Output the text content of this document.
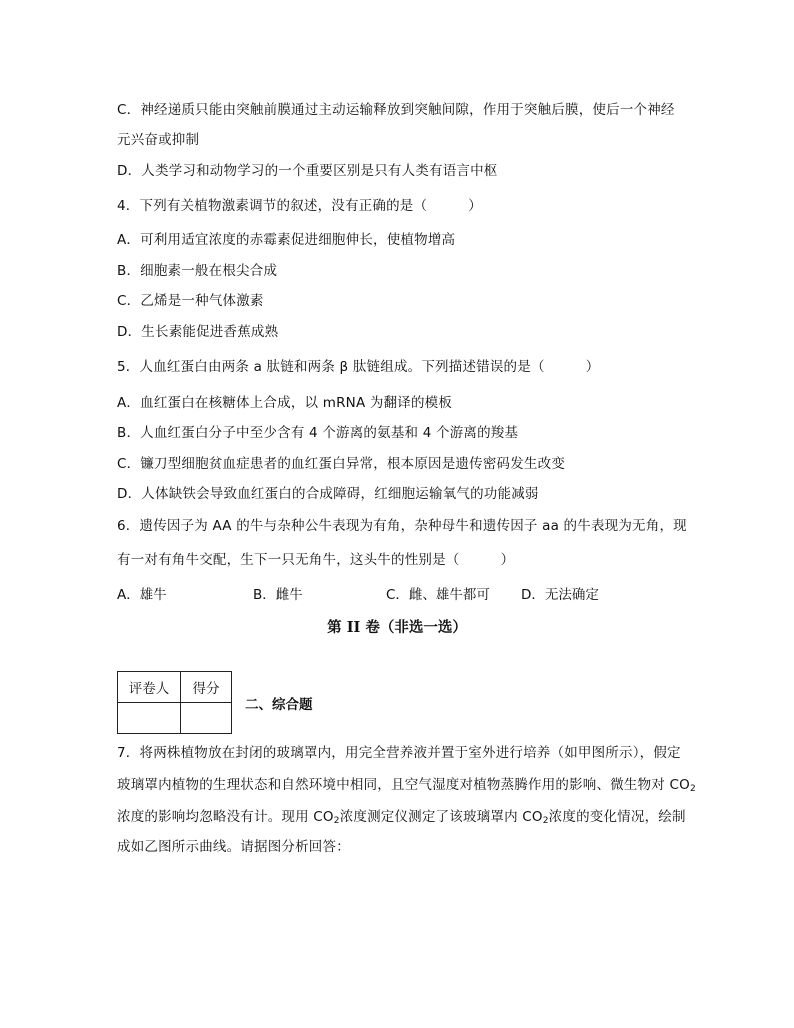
C．神经递质只能由突触前膜通过主动运输释放到突触间隙，作用于突触后膜，使后一个神经
元兴奋或抑制
D．人类学习和动物学习的一个重要区别是只有人类有语言中枢
4．下列有关植物激素调节的叙述，没有正确的是（　　　）
A．可利用适宜浓度的赤霉素促进细胞伸长，使植物增高
B．细胞素一般在根尖合成
C．乙烯是一种气体激素
D．生长素能促进香蕉成熟
5．人血红蛋白由两条 a 肽链和两条 β 肽链组成。下列描述错误的是（　　　）
A．血红蛋白在核糖体上合成，以 mRNA 为翻译的模板
B．人血红蛋白分子中至少含有 4 个游离的氨基和 4 个游离的羧基
C．镰刀型细胞贫血症患者的血红蛋白异常，根本原因是遗传密码发生改变
D．人体缺铁会导致血红蛋白的合成障碍，红细胞运输氧气的功能减弱
6．遗传因子为 AA 的牛与杂种公牛表现为有角，杂种母牛和遗传因子 aa 的牛表现为无角，现
有一对有角牛交配，生下一只无角牛，这头牛的性别是（　　　）
A．雄牛	B．雌牛	C．雌、雄牛都可 D．无法确定
第 II 卷（非选一选）
评卷人	得分

二、综合题
7．将两株植物放在封闭的玻璃罩内，用完全营养液并置于室外进行培养（如甲图所示），假定
玻璃罩内植物的生理状态和自然环境中相同，且空气湿度对植物蒸腾作用的影响、微生物对 $CO_2$
浓度的影响均忽略没有计。现用 $CO_2$浓度测定仪测定了该玻璃罩内 $CO_2$浓度的变化情况，绘制
成如乙图所示曲线。请据图分析回答：
